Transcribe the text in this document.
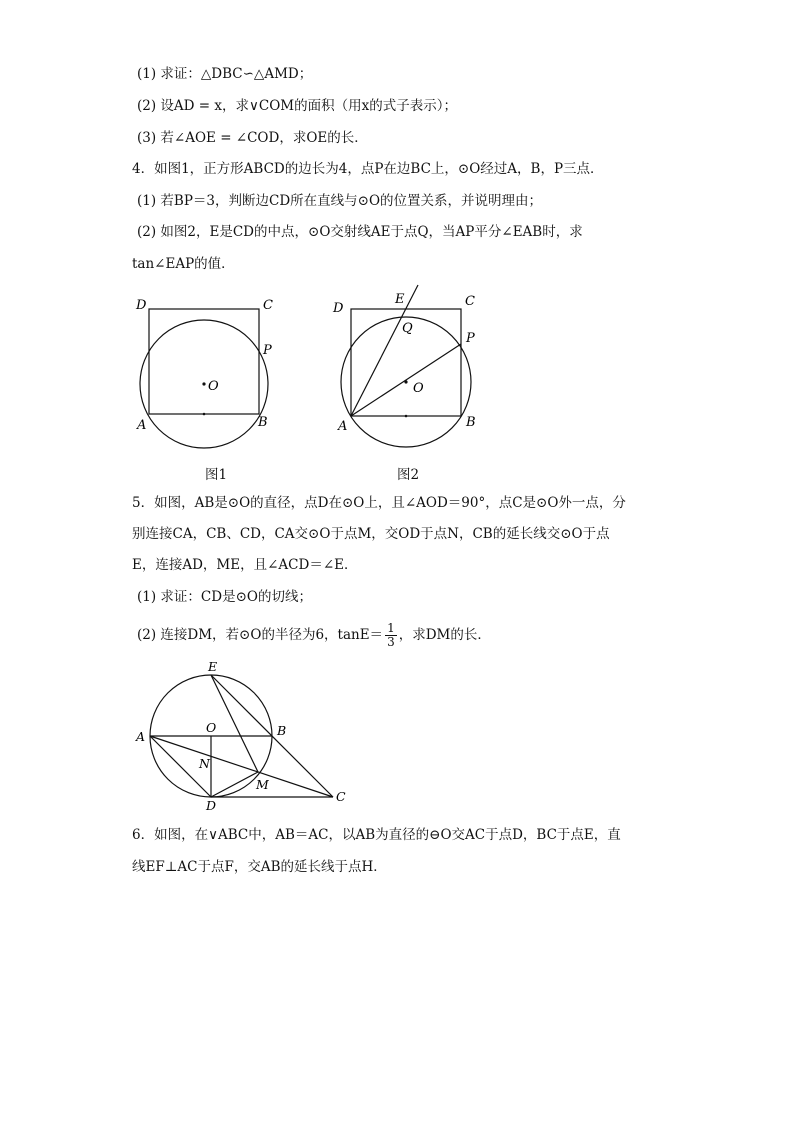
(1) 求证：△DBC∽△AMD；
(2) 设AD = x，求∨COM的面积（用x的式子表示）；
(3) 若∠AOE = ∠COD，求OE的长．
4．如图1，正方形ABCD的边长为4，点P在边BC上，⊙O经过A，B，P三点．
(1) 若BP＝3，判断边CD所在直线与⊙O的位置关系，并说明理由；
(2) 如图2，E是CD的中点，⊙O交射线AE于点Q，当AP平分∠EAB时，求
tan∠EAP的值．
D	C
P
O
A	B
图1
D
E	C
Q
P
O
A	B
图2
5．如图，AB是⊙O的直径，点D在⊙O上，且∠AOD＝90°，点C是⊙O外一点，分
别连接CA，CB、CD，CA交⊙O于点M，交OD于点N，CB的延长线交⊙O于点
E，连接AD，ME，且∠ACD＝∠E．
(1) 求证：CD是⊙O的切线；
(2) 连接DM，若⊙O的半径为6，$\tan E= \frac{1}{3}$ ，求DM的长．
E
O	B
A
N
M
D
C
6．如图，在∨ABC中，AB＝AC，以AB为直径的⊖O交AC于点D，BC于点E，直
线EF⊥AC于点F，交AB的延长线于点H．
